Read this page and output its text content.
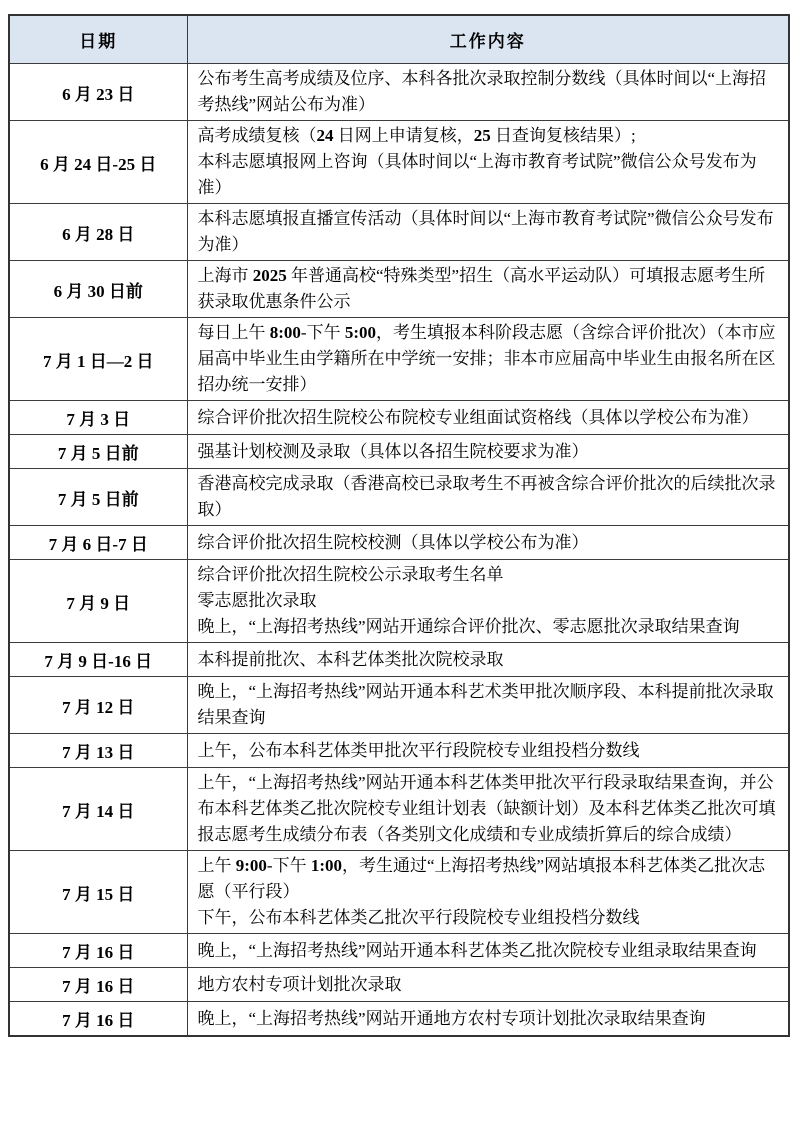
日期	工作内容
6 月 23 日	公布考生高考成绩及位序、本科各批次录取控制分数线（具体时间以“上海招考热线”网站公布为准）

6 月 24 日-25 日	高考成绩复核（24 日网上申请复核，25 日查询复核结果）;
本科志愿填报网上咨询（具体时间以“上海市教育考试院”微信公众号发布为准）

6 月 28 日	本科志愿填报直播宣传活动（具体时间以“上海市教育考试院”微信公众号发布为准）

6 月 30 日前	上海市 2025 年普通高校“特殊类型”招生（高水平运动队）可填报志愿考生所获录取优惠条件公示

7 月 1 日—2 日	每日上午 8:00-下午 5:00，考生填报本科阶段志愿（含综合评价批次）（本市应届高中毕业生由学籍所在中学统一安排；非本市应届高中毕业生由报名所在区招办统一安排）

7 月 3 日	综合评价批次招生院校公布院校专业组面试资格线（具体以学校公布为准）

7 月 5 日前	强基计划校测及录取（具体以各招生院校要求为准）

7 月 5 日前	香港高校完成录取（香港高校已录取考生不再被含综合评价批次的后续批次录取）

7 月 6 日-7 日	综合评价批次招生院校校测（具体以学校公布为准）

7 月 9 日	综合评价批次招生院校公示录取考生名单
零志愿批次录取
晚上，“上海招考热线”网站开通综合评价批次、零志愿批次录取结果查询

7 月 9 日-16 日	本科提前批次、本科艺体类批次院校录取

7 月 12 日	晚上，“上海招考热线”网站开通本科艺术类甲批次顺序段、本科提前批次录取结果查询

7 月 13 日	上午，公布本科艺体类甲批次平行段院校专业组投档分数线

7 月 14 日	上午，“上海招考热线”网站开通本科艺体类甲批次平行段录取结果查询，并公布本科艺体类乙批次院校专业组计划表（缺额计划）及本科艺体类乙批次可填报志愿考生成绩分布表（各类别文化成绩和专业成绩折算后的综合成绩）

7 月 15 日	上午 9:00-下午 1:00，考生通过“上海招考热线”网站填报本科艺体类乙批次志愿（平行段）
下午，公布本科艺体类乙批次平行段院校专业组投档分数线

7 月 16 日	晚上，“上海招考热线”网站开通本科艺体类乙批次院校专业组录取结果查询

7 月 16 日	地方农村专项计划批次录取

7 月 16 日	晚上，“上海招考热线”网站开通地方农村专项计划批次录取结果查询
